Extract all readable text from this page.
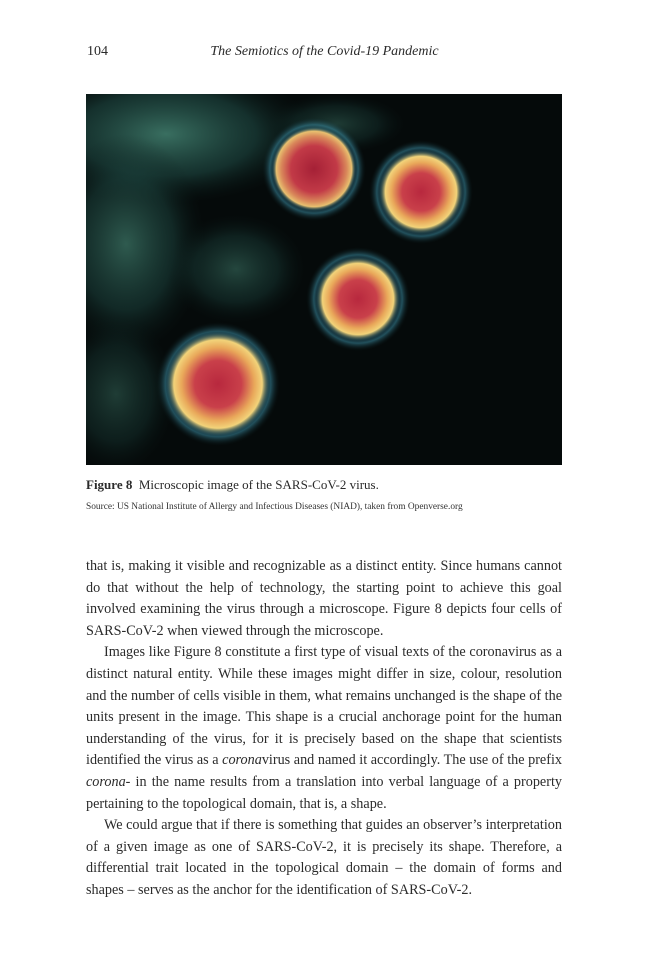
104	The Semiotics of the Covid-19 Pandemic
Figure 8 Microscopic image of the SARS-CoV-2 virus.
Source: US National Institute of Allergy and Infectious Diseases (NIAD), taken from Openverse.org

that is, making it visible and recognizable as a distinct entity. Since humans cannot do that without the help of technology, the starting point to achieve this goal involved examining the virus through a microscope. Figure 8 depicts four cells of SARS-CoV-2 when viewed through the microscope.

Images like Figure 8 constitute a first type of visual texts of the coronavirus as a distinct natural entity. While these images might differ in size, colour, resolution and the number of cells visible in them, what remains unchanged is the shape of the units present in the image. This shape is a crucial anchorage point for the human understanding of the virus, for it is precisely based on the shape that scientists identified the virus as a coronavirus and named it accordingly. The use of the prefix corona- in the name results from a translation into verbal language of a property pertaining to the topological domain, that is, a shape.

We could argue that if there is something that guides an observer’s interpretation of a given image as one of SARS-CoV-2, it is precisely its shape. Therefore, a differential trait located in the topological domain – the domain of forms and shapes – serves as the anchor for the identification of SARS-CoV-2.
